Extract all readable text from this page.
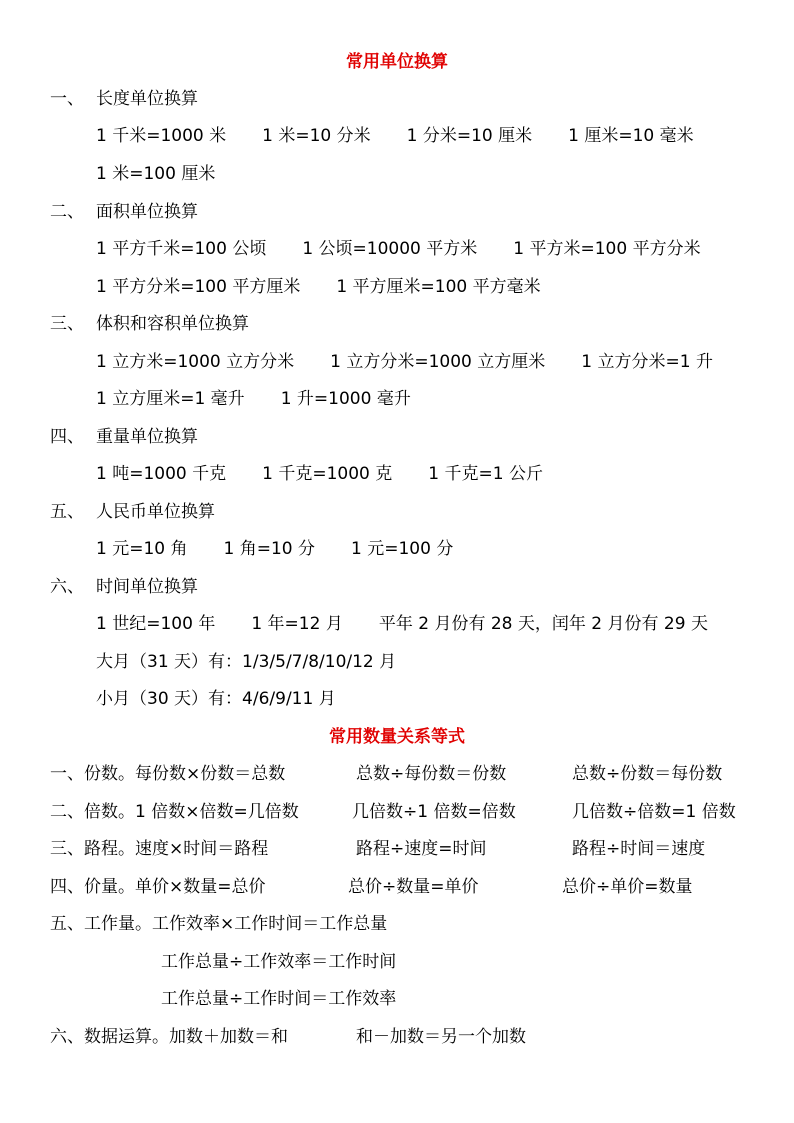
常用单位换算
一、 长度单位换算
1 千米=1000 米 1 米=10 分米 1 分米=10 厘米 1 厘米=10 毫米
1 米=100 厘米
二、 面积单位换算
1 平方千米=100 公顷 1 公顷=10000 平方米 1 平方米=100 平方分米
1 平方分米=100 平方厘米 1 平方厘米=100 平方毫米
三、 体积和容积单位换算
1 立方米=1000 立方分米 1 立方分米=1000 立方厘米 1 立方分米=1 升
1 立方厘米=1 毫升 1 升=1000 毫升
四、 重量单位换算
1 吨=1000 千克 1 千克=1000 克 1 千克=1 公斤
五、 人民币单位换算
1 元=10 角 1 角=10 分 1 元=100 分
六、 时间单位换算
1 世纪=100 年 1 年=12 月 平年 2 月份有 28 天，闰年 2 月份有 29 天
大月（31 天）有：1/3/5/7/8/10/12 月
小月（30 天）有：4/6/9/11 月
常用数量关系等式
一、份数。每份数×份数＝总数	总数÷每份数＝份数	总数÷份数＝每份数
二、倍数。1 倍数×倍数=几倍数	几倍数÷1 倍数=倍数	几倍数÷倍数=1 倍数
三、路程。速度×时间＝路程	路程÷速度=时间	路程÷时间＝速度
四、价量。单价×数量=总价	总价÷数量=单价	总价÷单价=数量
五、工作量。工作效率×工作时间＝工作总量
工作总量÷工作效率＝工作时间
工作总量÷工作时间＝工作效率
六、数据运算。加数＋加数＝和	和－加数＝另一个加数
